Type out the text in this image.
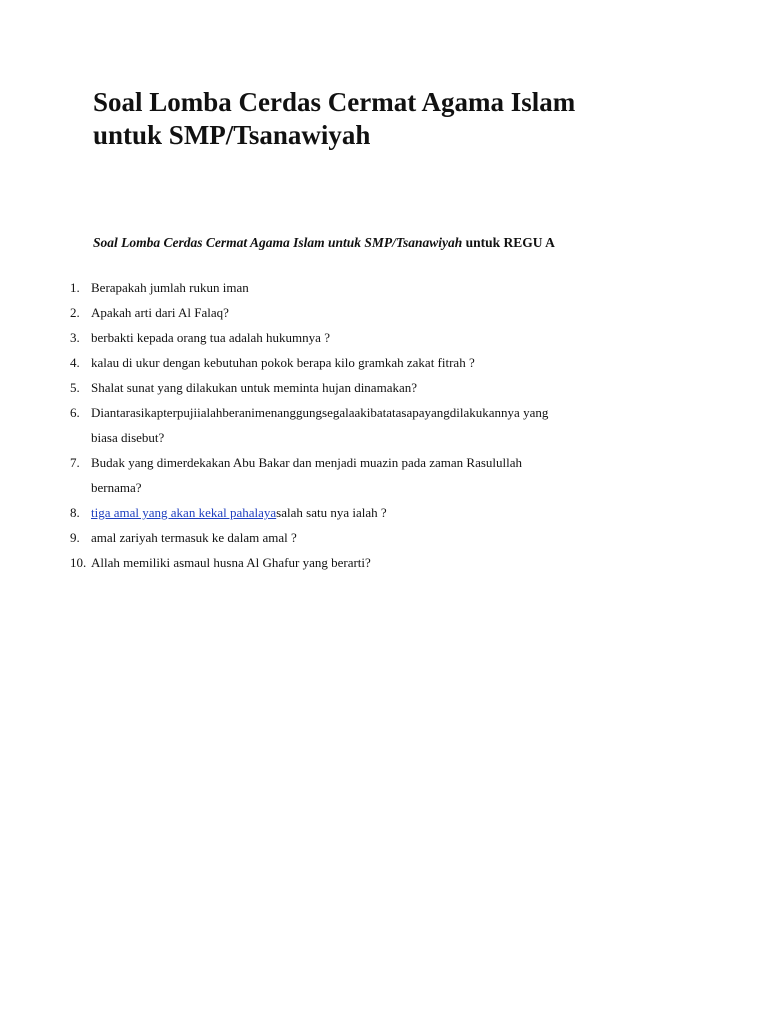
Soal Lomba Cerdas Cermat Agama Islam
untuk SMP/Tsanawiyah
Soal Lomba Cerdas Cermat Agama Islam untuk SMP/Tsanawiyah untuk REGU A
1. Berapakah jumlah rukun iman
2. Apakah arti dari Al Falaq?
3. berbakti kepada orang tua adalah hukumnya ?
4. kalau di ukur dengan kebutuhan pokok berapa kilo gramkah zakat fitrah ?
5. Shalat sunat yang dilakukan untuk meminta hujan dinamakan?
6. Diantarasikapterpujiialahberanimenanggungsegalaakibatatasapayangdilakukannya yang
biasa disebut?
7. Budak yang dimerdekakan Abu Bakar dan menjadi muazin pada zaman Rasulullah
bernama?
8. tiga amal yang akan kekal pahalayasalah satu nya ialah ?
9. amal zariyah termasuk ke dalam amal ?
10. Allah memiliki asmaul husna Al Ghafur yang berarti?
